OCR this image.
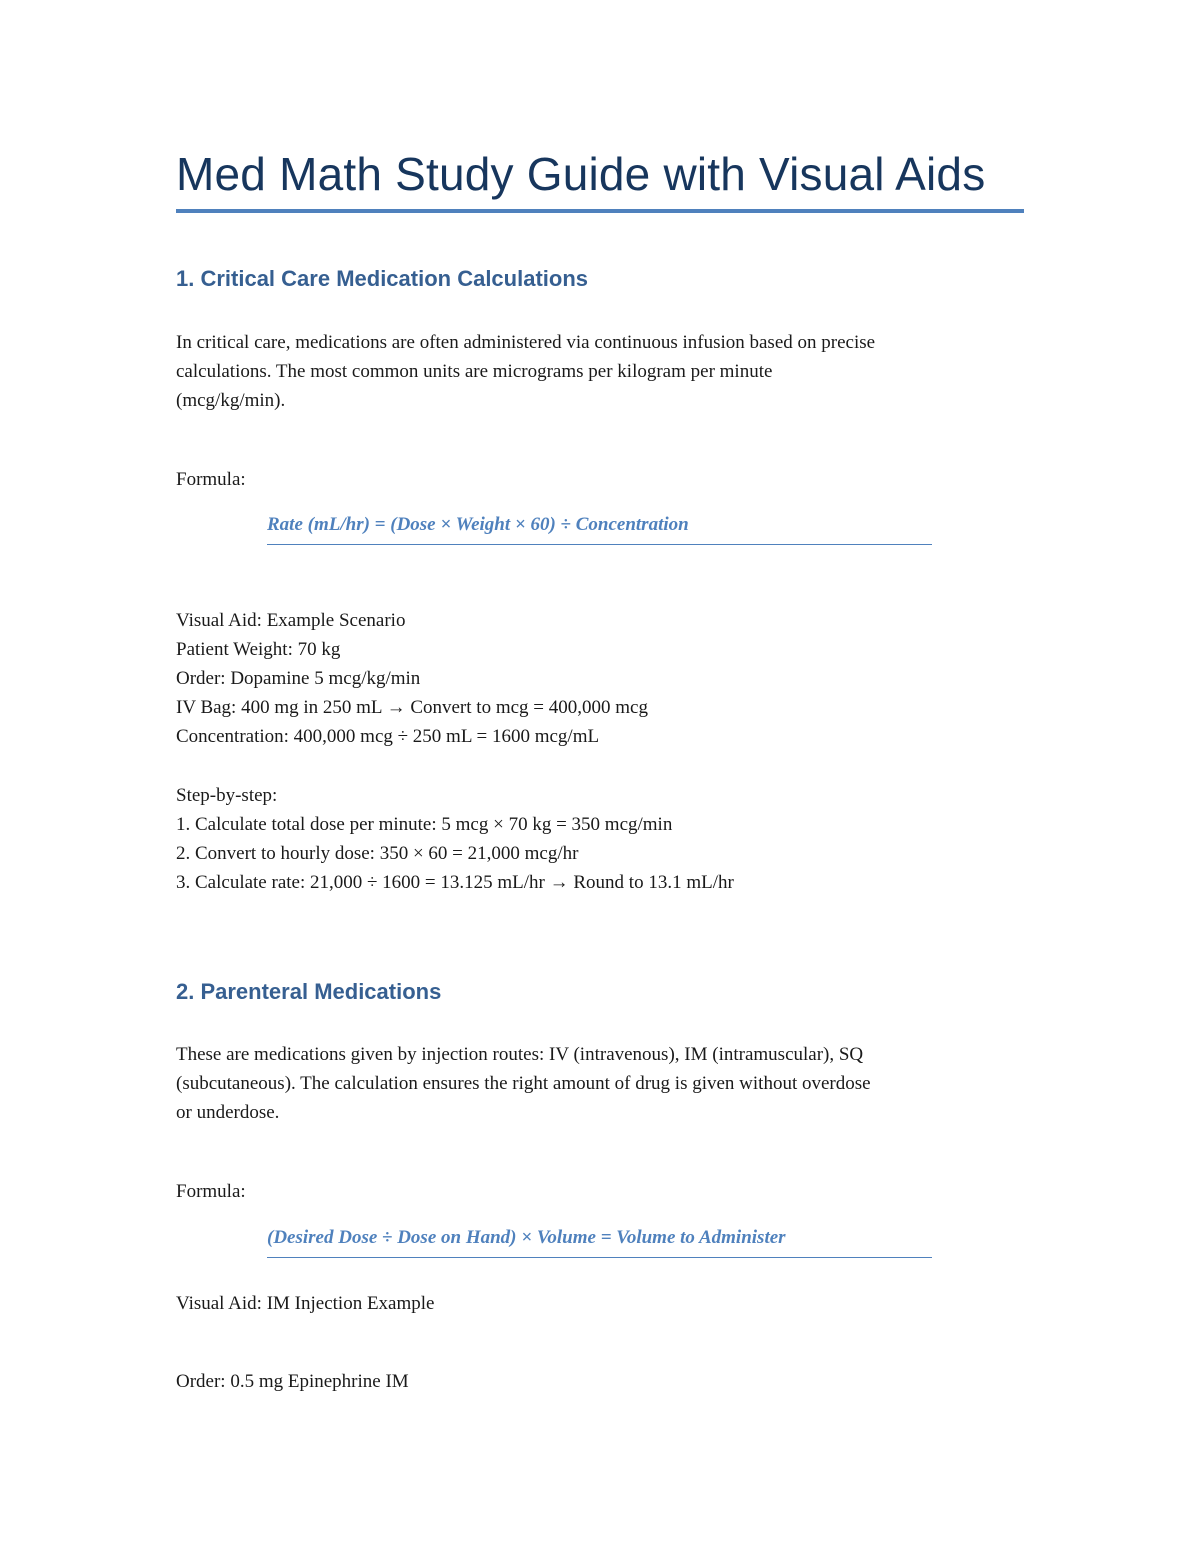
Med Math Study Guide with Visual Aids
1. Critical Care Medication Calculations
In critical care, medications are often administered via continuous infusion based on precise
calculations. The most common units are micrograms per kilogram per minute
(mcg/kg/min).
Formula:
Rate (mL/hr) = (Dose × Weight × 60) ÷ Concentration
Visual Aid: Example Scenario
Patient Weight: 70 kg
Order: Dopamine 5 mcg/kg/min
IV Bag: 400 mg in 250 mL → Convert to mcg = 400,000 mcg
Concentration: 400,000 mcg ÷ 250 mL = 1600 mcg/mL
Step-by-step:
1. Calculate total dose per minute: 5 mcg × 70 kg = 350 mcg/min
2. Convert to hourly dose: 350 × 60 = 21,000 mcg/hr
3. Calculate rate: 21,000 ÷ 1600 = 13.125 mL/hr → Round to 13.1 mL/hr
2. Parenteral Medications
These are medications given by injection routes: IV (intravenous), IM (intramuscular), SQ
(subcutaneous). The calculation ensures the right amount of drug is given without overdose
or underdose.
Formula:
(Desired Dose ÷ Dose on Hand) × Volume = Volume to Administer
Visual Aid: IM Injection Example
Order: 0.5 mg Epinephrine IM
